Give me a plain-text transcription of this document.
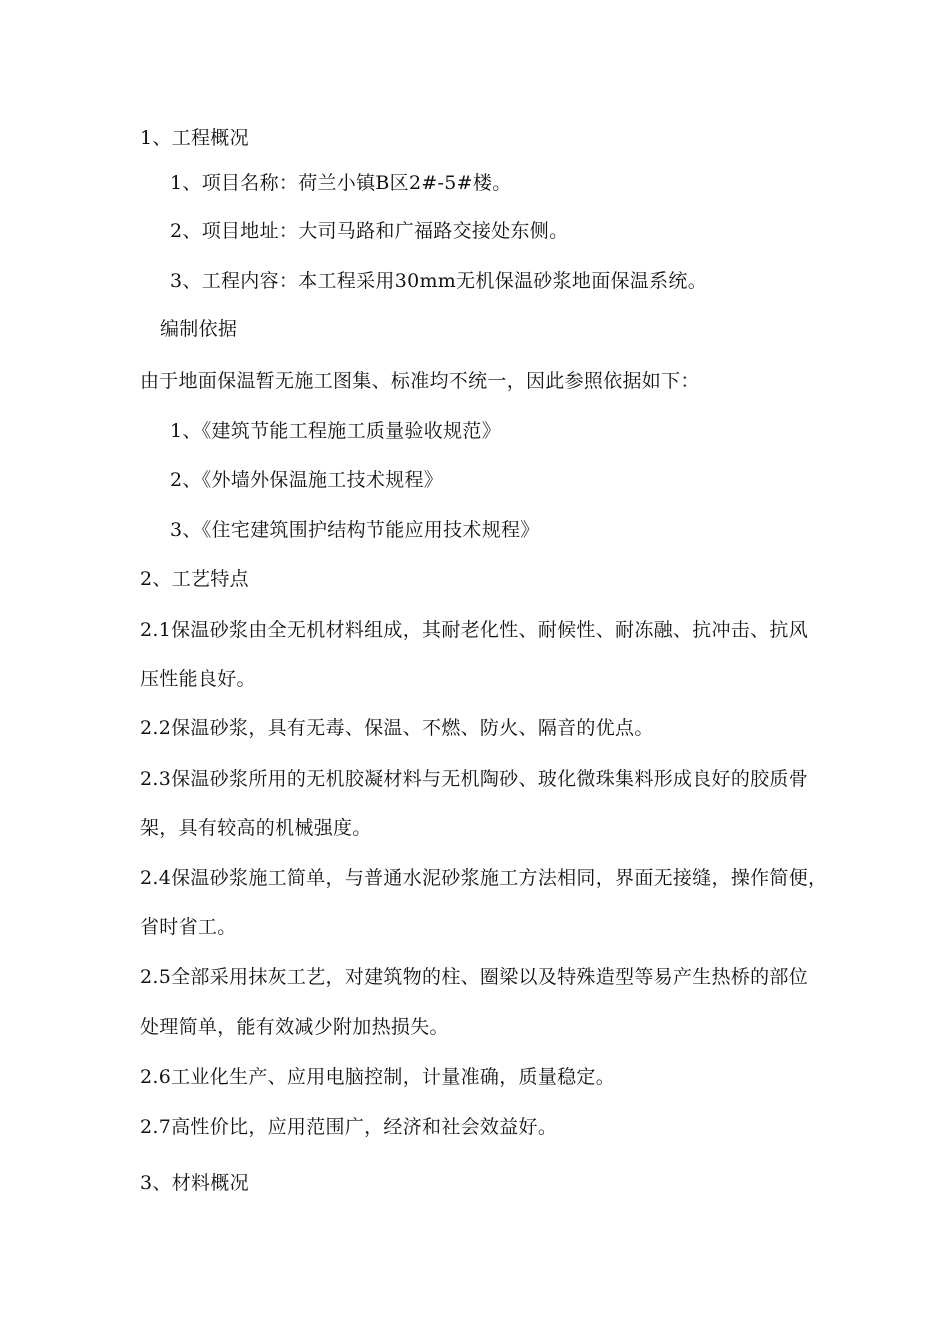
1、工程概况
1、项目名称：荷兰小镇B区2#-5#楼。
2、项目地址：大司马路和广福路交接处东侧。
3、工程内容：本工程采用30mm无机保温砂浆地面保温系统。
编制依据
由于地面保温暂无施工图集、标准均不统一，因此参照依据如下：
1、《建筑节能工程施工质量验收规范》
2、《外墙外保温施工技术规程》
3、《住宅建筑围护结构节能应用技术规程》
2、工艺特点
2.1保温砂浆由全无机材料组成，其耐老化性、耐候性、耐冻融、抗冲击、抗风
压性能良好。
2.2保温砂浆，具有无毒、保温、不燃、防火、隔音的优点。
2.3保温砂浆所用的无机胶凝材料与无机陶砂、玻化微珠集料形成良好的胶质骨
架，具有较高的机械强度。
2.4保温砂浆施工简单，与普通水泥砂浆施工方法相同，界面无接缝，操作简便，
省时省工。
2.5全部采用抹灰工艺，对建筑物的柱、圈梁以及特殊造型等易产生热桥的部位
处理简单，能有效减少附加热损失。
2.6工业化生产、应用电脑控制，计量准确，质量稳定。
2.7高性价比，应用范围广，经济和社会效益好。
3、材料概况
